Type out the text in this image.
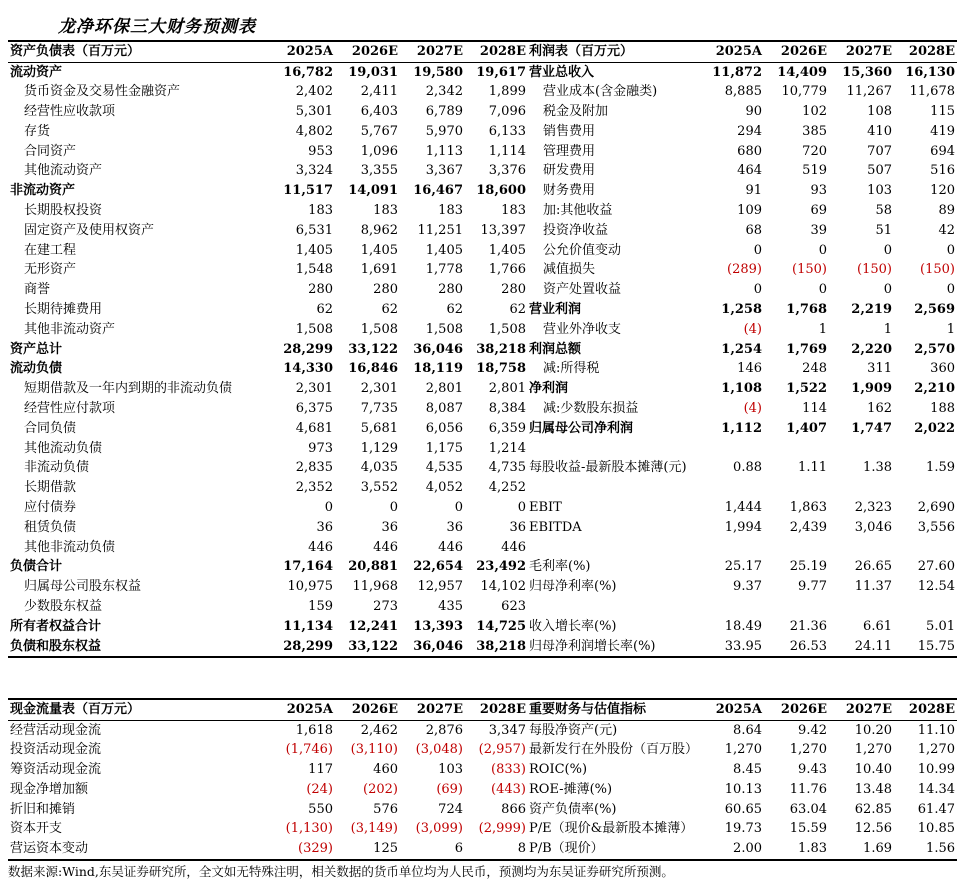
龙净环保三大财务预测表
资产负债表（百万元）	2025A	2026E	2027E	2028E
流动资产	16,782	19,031	19,580	19,617
货币资金及交易性金融资产	2,402	2,411	2,342	1,899
经营性应收款项	5,301	6,403	6,789	7,096
存货	4,802	5,767	5,970	6,133
合同资产	953	1,096	1,113	1,114
其他流动资产	3,324	3,355	3,367	3,376
非流动资产	11,517	14,091	16,467	18,600
长期股权投资	183	183	183	183
固定资产及使用权资产	6,531	8,962	11,251	13,397
在建工程	1,405	1,405	1,405	1,405
无形资产	1,548	1,691	1,778	1,766
商誉	280	280	280	280
长期待摊费用	62	62	62	62
其他非流动资产	1,508	1,508	1,508	1,508
资产总计	28,299	33,122	36,046	38,218
流动负债	14,330	16,846	18,119	18,758
短期借款及一年内到期的非流动负债	2,301	2,301	2,801	2,801
经营性应付款项	6,375	7,735	8,087	8,384
合同负债	4,681	5,681	6,056	6,359
其他流动负债	973	1,129	1,175	1,214
非流动负债	2,835	4,035	4,535	4,735
长期借款	2,352	3,552	4,052	4,252
应付债券	0	0	0	0
租赁负债	36	36	36	36
其他非流动负债	446	446	446	446
负债合计	17,164	20,881	22,654	23,492
归属母公司股东权益	10,975	11,968	12,957	14,102
少数股东权益	159	273	435	623
所有者权益合计	11,134	12,241	13,393	14,725
负债和股东权益	28,299	33,122	36,046	38,218
利润表（百万元）	2025A	2026E	2027E	2028E
营业总收入	11,872	14,409	15,360	16,130
营业成本(含金融类)	8,885	10,779	11,267	11,678
税金及附加	90	102	108	115
销售费用	294	385	410	419
管理费用	680	720	707	694
研发费用	464	519	507	516
财务费用	91	93	103	120
加:其他收益	109	69	58	89
投资净收益	68	39	51	42
公允价值变动	0	0	0	0
减值损失	(289)	(150)	(150)	(150)
资产处置收益	0	0	0	0
营业利润	1,258	1,768	2,219	2,569
营业外净收支	(4)	1	1	1
利润总额	1,254	1,769	2,220	2,570
减:所得税	146	248	311	360
净利润	1,108	1,522	1,909	2,210
减:少数股东损益	(4)	114	162	188
归属母公司净利润	1,112	1,407	1,747	2,022

每股收益-最新股本摊薄(元)	0.88	1.11	1.38	1.59

EBIT	1,444	1,863	2,323	2,690
EBITDA	1,994	2,439	3,046	3,556

毛利率(%)	25.17	25.19	26.65	27.60
归母净利率(%)	9.37	9.77	11.37	12.54

收入增长率(%)	18.49	21.36	6.61	5.01
归母净利润增长率(%)	33.95	26.53	24.11	15.75
现金流量表（百万元）	2025A	2026E	2027E	2028E
经营活动现金流	1,618	2,462	2,876	3,347
投资活动现金流	(1,746)	(3,110)	(3,048)	(2,957)
筹资活动现金流	117	460	103	(833)
现金净增加额	(24)	(202)	(69)	(443)
折旧和摊销	550	576	724	866
资本开支	(1,130)	(3,149)	(3,099)	(2,999)
营运资本变动	(329)	125	6	8
重要财务与估值指标	2025A	2026E	2027E	2028E
每股净资产(元)	8.64	9.42	10.20	11.10
最新发行在外股份（百万股）	1,270	1,270	1,270	1,270
ROIC(%)	8.45	9.43	10.40	10.99
ROE-摊薄(%)	10.13	11.76	13.48	14.34
资产负债率(%)	60.65	63.04	62.85	61.47
P/E（现价&最新股本摊薄）	19.73	15.59	12.56	10.85
P/B（现价）	2.00	1.83	1.69	1.56
数据来源:Wind,东吴证券研究所，全文如无特殊注明，相关数据的货币单位均为人民币，预测均为东吴证券研究所预测。
